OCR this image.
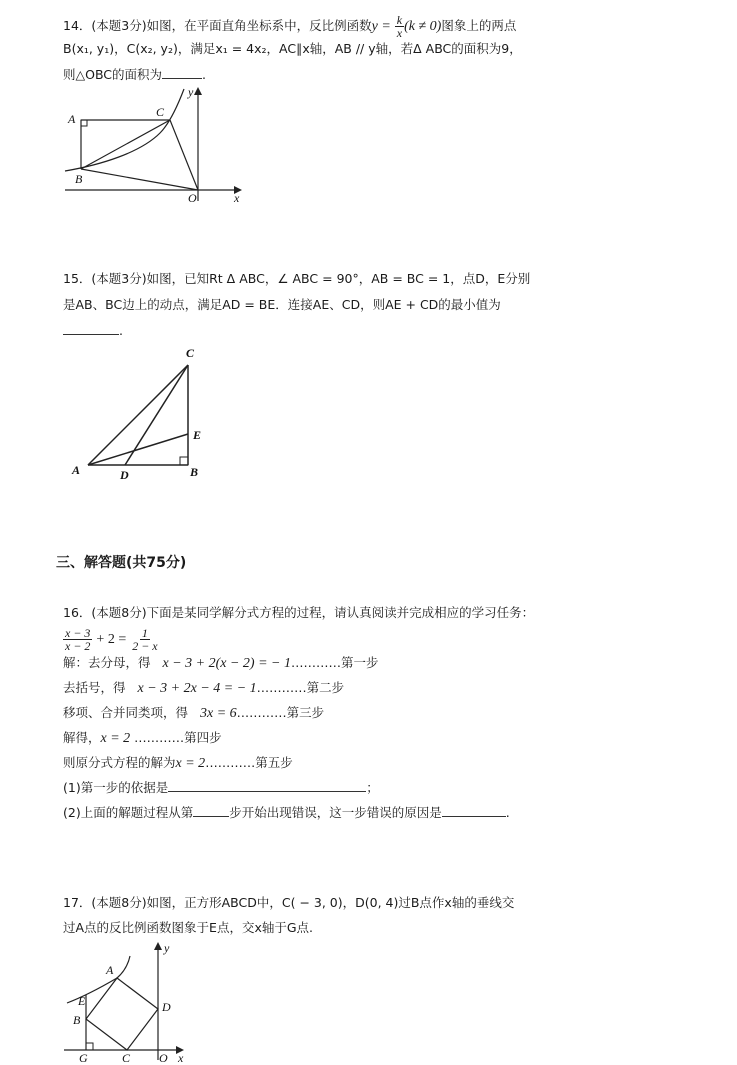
14．(本题3分)如图，在平面直角坐标系中，反比例函数$y = \frac{k}{x} (k \ne 0)$图象上的两点
B(x₁, y₁)，C(x₂, y₂)，满足x₁ = 4x₂，AC∥x轴，AB // y轴，若Δ ABC的面积为9，
则△OBC的面积为	.
A	C
B
O	x
y
15．(本题3分)如图，已知Rt Δ ABC，∠ ABC = 90°，AB = BC = 1，点D，E分别
是AB、BC边上的动点，满足AD = BE．连接AE、CD，则AE + CD的最小值为
.
C
E
A	D	B
三、解答题(共75分)
16．(本题8分)下面是某同学解分式方程的过程，请认真阅读并完成相应的学习任务：
$\frac{x - 3}{x - 2} + 2 = \frac{1}{2 - x}$
解：去分母，得 x − 3 + 2(x − 2) = − 1…………第一步
去括号，得 x − 3 + 2x − 4 = − 1…………第二步
移项、合并同类项，得 3x = 6…………第三步
解得，x = 2 …………第四步
则原分式方程的解为x = 2…………第五步
(1)第一步的依据是	；
(2)上面的解题过程从第	步开始出现错误，这一步错误的原因是	.
17．(本题8分)如图，正方形ABCD中，C( − 3, 0)，D(0, 4)过B点作x轴的垂线交
过A点的反比例函数图象于E点，交x轴于G点.
A
E
B
D
G	C O x
y
